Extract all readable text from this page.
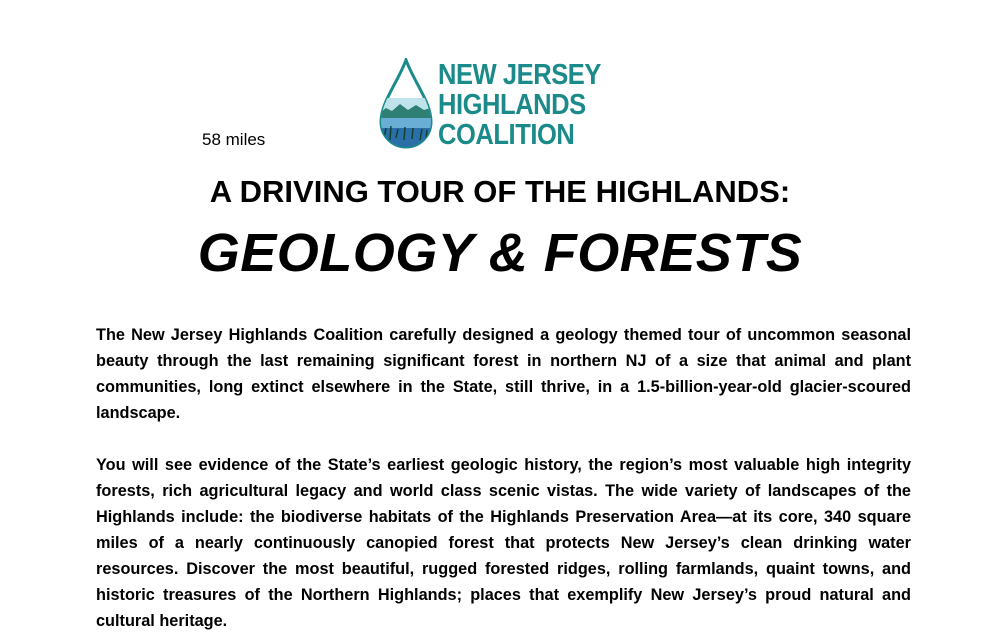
NEW JERSEY
HIGHLANDS
COALITION
58 miles
A DRIVING TOUR OF THE HIGHLANDS:
GEOLOGY & FORESTS

The New Jersey Highlands Coalition carefully designed a geology themed tour of uncommon seasonal beauty through the last remaining significant forest in northern NJ of a size that animal and plant communities, long extinct elsewhere in the State, still thrive, in a 1.5-billion-year-old glacier-scoured landscape.

You will see evidence of the State’s earliest geologic history, the region’s most valuable high integrity forests, rich agricultural legacy and world class scenic vistas. The wide variety of landscapes of the Highlands include: the biodiverse habitats of the Highlands Preservation Area—at its core, 340 square miles of a nearly continuously canopied forest that protects New Jersey’s clean drinking water resources. Discover the most beautiful, rugged forested ridges, rolling farmlands, quaint towns, and historic treasures of the Northern Highlands; places that exemplify New Jersey’s proud natural and cultural heritage.
